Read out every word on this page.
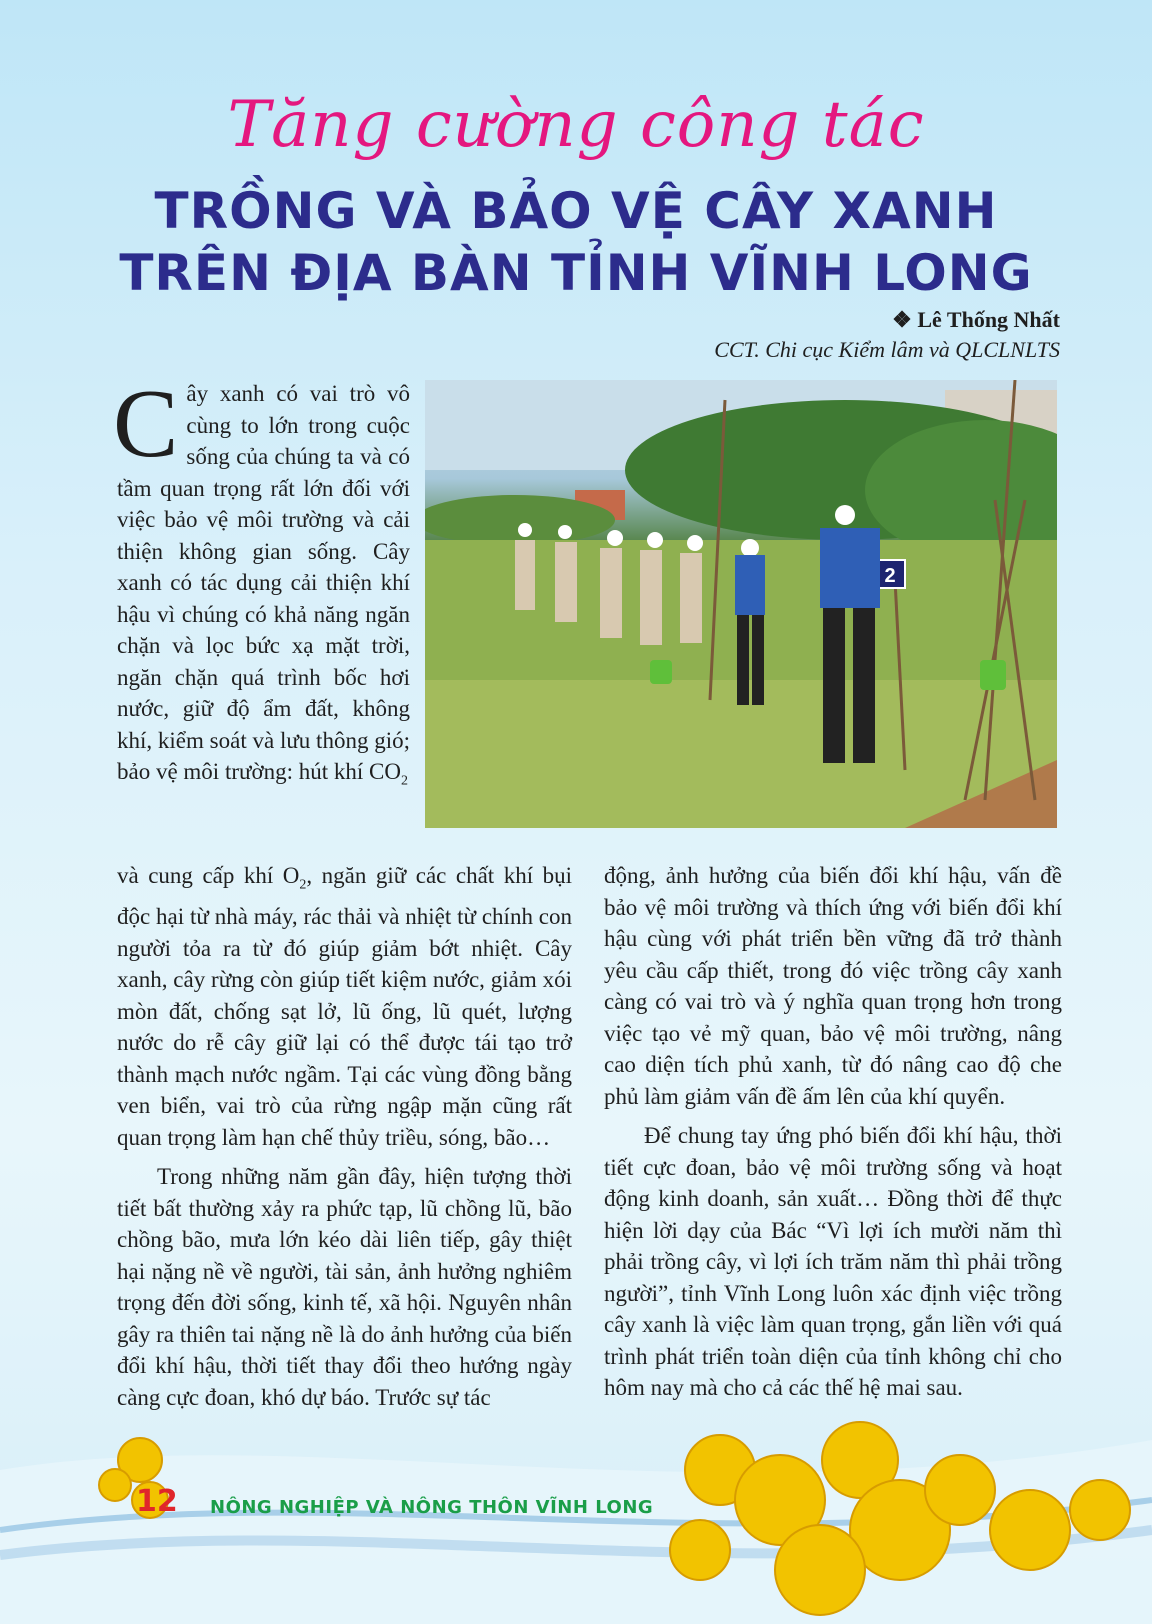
Tăng cường công tác
TRỒNG VÀ BẢO VỆ CÂY XANH
TRÊN ĐỊA BÀN TỈNH VĨNH LONG
❖ Lê Thống Nhất
CCT. Chi cục Kiểm lâm và QLCLNLTS

Cây xanh có vai trò vô cùng to lớn trong cuộc sống của chúng ta và có tầm quan trọng rất lớn đối với việc bảo vệ môi trường và cải thiện không gian sống. Cây xanh có tác dụng cải thiện khí hậu vì chúng có khả năng ngăn chặn và lọc bức xạ mặt trời, ngăn chặn quá trình bốc hơi nước, giữ độ ẩm đất, không khí, kiểm soát và lưu thông gió; bảo vệ môi trường: hút khí $CO_2$

2

và cung cấp khí $O_2$, ngăn giữ các chất khí bụi độc hại từ nhà máy, rác thải và nhiệt từ chính con người tỏa ra từ đó giúp giảm bớt nhiệt. Cây xanh, cây rừng còn giúp tiết kiệm nước, giảm xói mòn đất, chống sạt lở, lũ ống, lũ quét, lượng nước do rễ cây giữ lại có thể được tái tạo trở thành mạch nước ngầm. Tại các vùng đồng bằng ven biển, vai trò của rừng ngập mặn cũng rất quan trọng làm hạn chế thủy triều, sóng, bão…

Trong những năm gần đây, hiện tượng thời tiết bất thường xảy ra phức tạp, lũ chồng lũ, bão chồng bão, mưa lớn kéo dài liên tiếp, gây thiệt hại nặng nề về người, tài sản, ảnh hưởng nghiêm trọng đến đời sống, kinh tế, xã hội. Nguyên nhân gây ra thiên tai nặng nề là do ảnh hưởng của biến đổi khí hậu, thời tiết thay đổi theo hướng ngày càng cực đoan, khó dự báo. Trước sự tác

động, ảnh hưởng của biến đổi khí hậu, vấn đề bảo vệ môi trường và thích ứng với biến đổi khí hậu cùng với phát triển bền vững đã trở thành yêu cầu cấp thiết, trong đó việc trồng cây xanh càng có vai trò và ý nghĩa quan trọng hơn trong việc tạo vẻ mỹ quan, bảo vệ môi trường, nâng cao diện tích phủ xanh, từ đó nâng cao độ che phủ làm giảm vấn đề ấm lên của khí quyển.

Để chung tay ứng phó biến đổi khí hậu, thời tiết cực đoan, bảo vệ môi trường sống và hoạt động kinh doanh, sản xuất… Đồng thời để thực hiện lời dạy của Bác “Vì lợi ích mười năm thì phải trồng cây, vì lợi ích trăm năm thì phải trồng người”, tỉnh Vĩnh Long luôn xác định việc trồng cây xanh là việc làm quan trọng, gắn liền với quá trình phát triển toàn diện của tỉnh không chỉ cho hôm nay mà cho cả các thế hệ mai sau.

12 NÔNG NGHIỆP VÀ NÔNG THÔN VĨNH LONG
